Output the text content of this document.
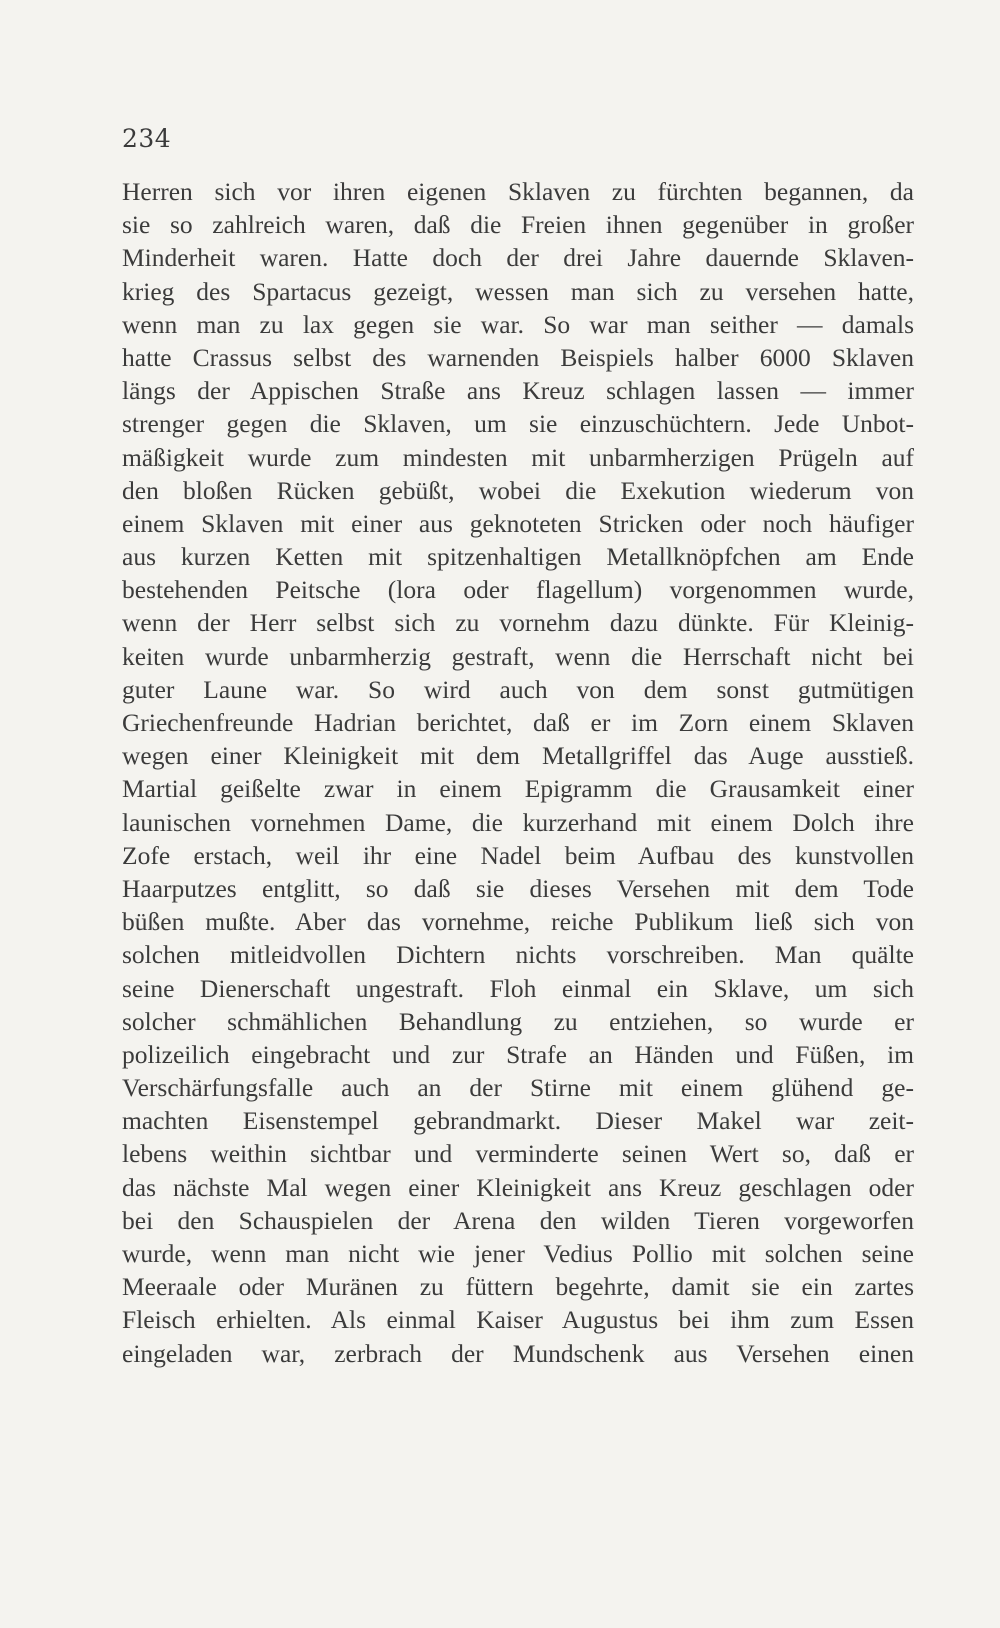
234
Herren sich vor ihren eigenen Sklaven zu fürchten begannen, da
sie so zahlreich waren, daß die Freien ihnen gegenüber in großer
Minderheit waren. Hatte doch der drei Jahre dauernde Sklaven-
krieg des Spartacus gezeigt, wessen man sich zu versehen hatte,
wenn man zu lax gegen sie war. So war man seither — damals
hatte Crassus selbst des warnenden Beispiels halber 6000 Sklaven
längs der Appischen Straße ans Kreuz schlagen lassen — immer
strenger gegen die Sklaven, um sie einzuschüchtern. Jede Unbot-
mäßigkeit wurde zum mindesten mit unbarmherzigen Prügeln auf
den bloßen Rücken gebüßt, wobei die Exekution wiederum von
einem Sklaven mit einer aus geknoteten Stricken oder noch häufiger
aus kurzen Ketten mit spitzenhaltigen Metallknöpfchen am Ende
bestehenden Peitsche (lora oder flagellum) vorgenommen wurde,
wenn der Herr selbst sich zu vornehm dazu dünkte. Für Kleinig-
keiten wurde unbarmherzig gestraft, wenn die Herrschaft nicht bei
guter Laune war. So wird auch von dem sonst gutmütigen
Griechenfreunde Hadrian berichtet, daß er im Zorn einem Sklaven
wegen einer Kleinigkeit mit dem Metallgriffel das Auge ausstieß.
Martial geißelte zwar in einem Epigramm die Grausamkeit einer
launischen vornehmen Dame, die kurzerhand mit einem Dolch ihre
Zofe erstach, weil ihr eine Nadel beim Aufbau des kunstvollen
Haarputzes entglitt, so daß sie dieses Versehen mit dem Tode
büßen mußte. Aber das vornehme, reiche Publikum ließ sich von
solchen mitleidvollen Dichtern nichts vorschreiben. Man quälte
seine Dienerschaft ungestraft. Floh einmal ein Sklave, um sich
solcher schmählichen Behandlung zu entziehen, so wurde er
polizeilich eingebracht und zur Strafe an Händen und Füßen, im
Verschärfungsfalle auch an der Stirne mit einem glühend ge-
machten Eisenstempel gebrandmarkt. Dieser Makel war zeit-
lebens weithin sichtbar und verminderte seinen Wert so, daß er
das nächste Mal wegen einer Kleinigkeit ans Kreuz geschlagen oder
bei den Schauspielen der Arena den wilden Tieren vorgeworfen
wurde, wenn man nicht wie jener Vedius Pollio mit solchen seine
Meeraale oder Muränen zu füttern begehrte, damit sie ein zartes
Fleisch erhielten. Als einmal Kaiser Augustus bei ihm zum Essen
eingeladen war, zerbrach der Mundschenk aus Versehen einen
